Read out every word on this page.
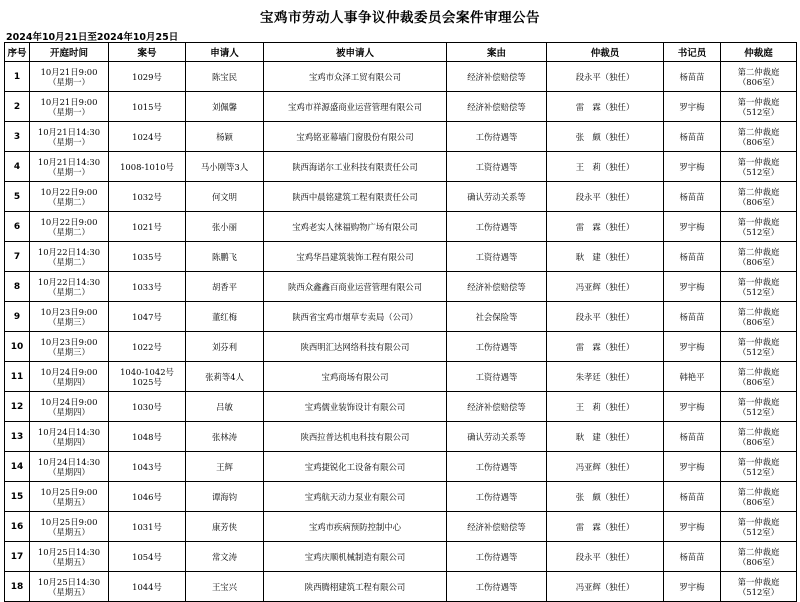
宝鸡市劳动人事争议仲裁委员会案件审理公告
2024年10月21日至2024年10月25日
序号	开庭时间	案号	申请人	被申请人	案由	仲裁员	书记员	仲裁庭
1	10月21日9:00
（星期一）	1029号	陈宝民	宝鸡市众泽工贸有限公司	经济补偿赔偿等	段永平（独任）	杨苗苗	第二仲裁庭
（806室）

2	10月21日9:00
（星期一）	1015号	刘佩馨	宝鸡市祥源盛商业运营管理有限公司	经济补偿赔偿等	雷　霖（独任）	罗宇梅	第一仲裁庭
（512室）

3	10月21日14:30
（星期一）	1024号	杨颖	宝鸡铭亚幕墙门窗股份有限公司	工伤待遇等	张　颇（独任）	杨苗苗	第二仲裁庭
（806室）

4	10月21日14:30
（星期一）	1008-1010号	马小刚等3人	陕西海诺尔工业科技有限责任公司	工资待遇等	王　莉（独任）	罗宇梅	第一仲裁庭
（512室）

5	10月22日9:00
（星期二）	1032号	何文明	陕西中晨铭建筑工程有限责任公司	确认劳动关系等	段永平（独任）	杨苗苗	第二仲裁庭
（806室）

6	10月22日9:00
（星期二）	1021号	张小丽	宝鸡老实人徕福购物广场有限公司	工伤待遇等	雷　霖（独任）	罗宇梅	第一仲裁庭
（512室）

7	10月22日14:30
（星期二）	1035号	陈鹏飞	宝鸡华昌建筑装饰工程有限公司	工资待遇等	耿　建（独任）	杨苗苗	第二仲裁庭
（806室）

8	10月22日14:30
（星期二）	1033号	胡香平	陕西众鑫鑫百商业运营管理有限公司	经济补偿赔偿等	冯亚辉（独任）	罗宇梅	第一仲裁庭
（512室）

9	10月23日9:00
（星期三）	1047号	董红梅	陕西省宝鸡市烟草专卖局（公司）	社会保险等	段永平（独任）	杨苗苗	第二仲裁庭
（806室）

10	10月23日9:00
（星期三）	1022号	刘芬利	陕西明汇达网络科技有限公司	工伤待遇等	雷　霖（独任）	罗宇梅	第一仲裁庭
（512室）

11	10月24日9:00
（星期四）	1040-1042号
1025号	张莉等4人	宝鸡商场有限公司	工资待遇等	朱孝廷（独任）	韩艳平	第二仲裁庭
（806室）

12	10月24日9:00
（星期四）	1030号	吕敏	宝鸡儒业装饰设计有限公司	经济补偿赔偿等	王　莉（独任）	罗宇梅	第一仲裁庭
（512室）

13	10月24日14:30
（星期四）	1048号	张林涛	陕西拉普达机电科技有限公司	确认劳动关系等	耿　建（独任）	杨苗苗	第二仲裁庭
（806室）

14	10月24日14:30
（星期四）	1043号	王辉	宝鸡捷锐化工设备有限公司	工伤待遇等	冯亚辉（独任）	罗宇梅	第一仲裁庭
（512室）

15	10月25日9:00
（星期五）	1046号	谭海钧	宝鸡航天动力泵业有限公司	工伤待遇等	张　颇（独任）	杨苗苗	第二仲裁庭
（806室）

16	10月25日9:00
（星期五）	1031号	康芳侠	宝鸡市疾病预防控制中心	经济补偿赔偿等	雷　霖（独任）	罗宇梅	第一仲裁庭
（512室）

17	10月25日14:30
（星期五）	1054号	常文涛	宝鸡庆顺机械制造有限公司	工伤待遇等	段永平（独任）	杨苗苗	第二仲裁庭
（806室）

18	10月25日14:30
（星期五）	1044号	王宝兴	陕西腾栩建筑工程有限公司	工伤待遇等	冯亚辉（独任）	罗宇梅	第一仲裁庭
（512室）
